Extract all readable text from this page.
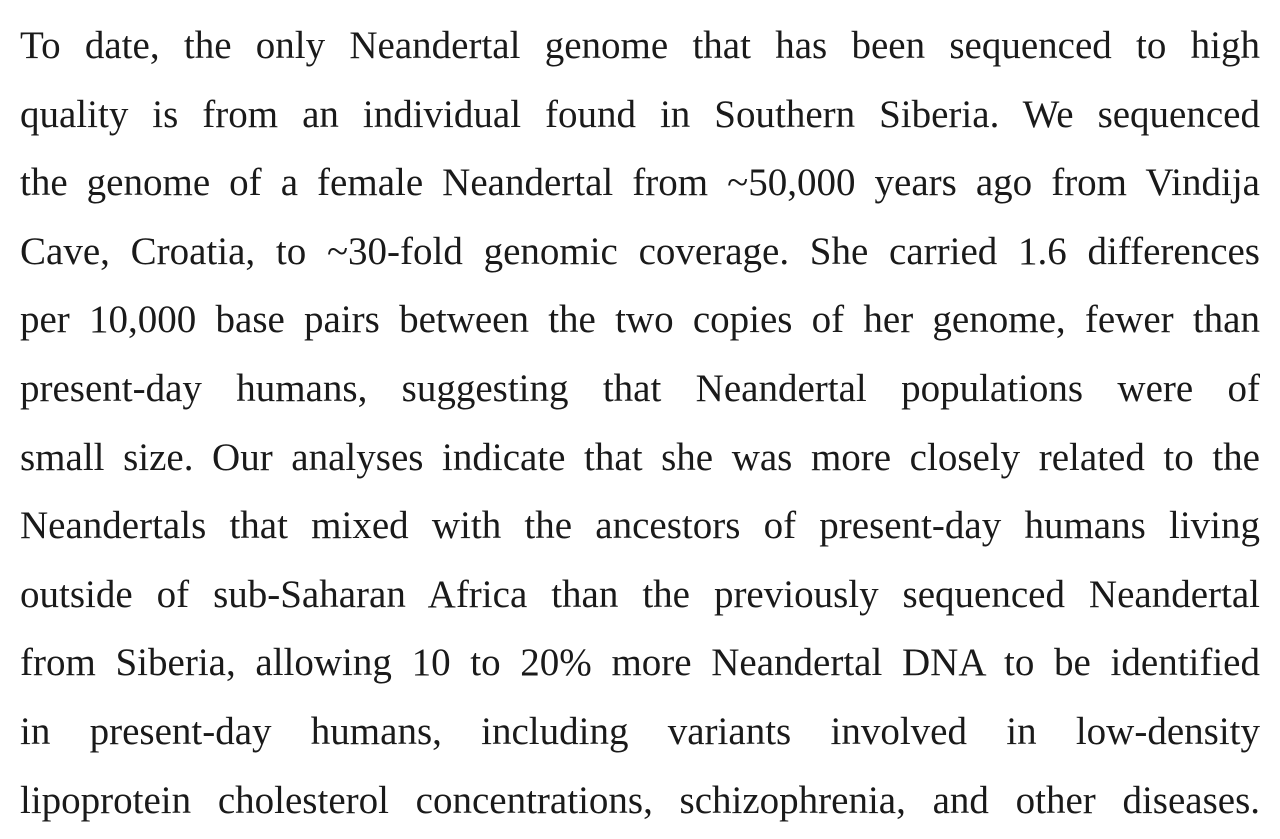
To date, the only Neandertal genome that has been sequenced to high
quality is from an individual found in Southern Siberia. We sequenced
the genome of a female Neandertal from ~50,000 years ago from Vindija
Cave, Croatia, to ~30-fold genomic coverage. She carried 1.6 differences
per 10,000 base pairs between the two copies of her genome, fewer than
present-day humans, suggesting that Neandertal populations were of
small size. Our analyses indicate that she was more closely related to the
Neandertals that mixed with the ancestors of present-day humans living
outside of sub-Saharan Africa than the previously sequenced Neandertal
from Siberia, allowing 10 to 20% more Neandertal DNA to be identified
in present-day humans, including variants involved in low-density
lipoprotein cholesterol concentrations, schizophrenia, and other diseases.
